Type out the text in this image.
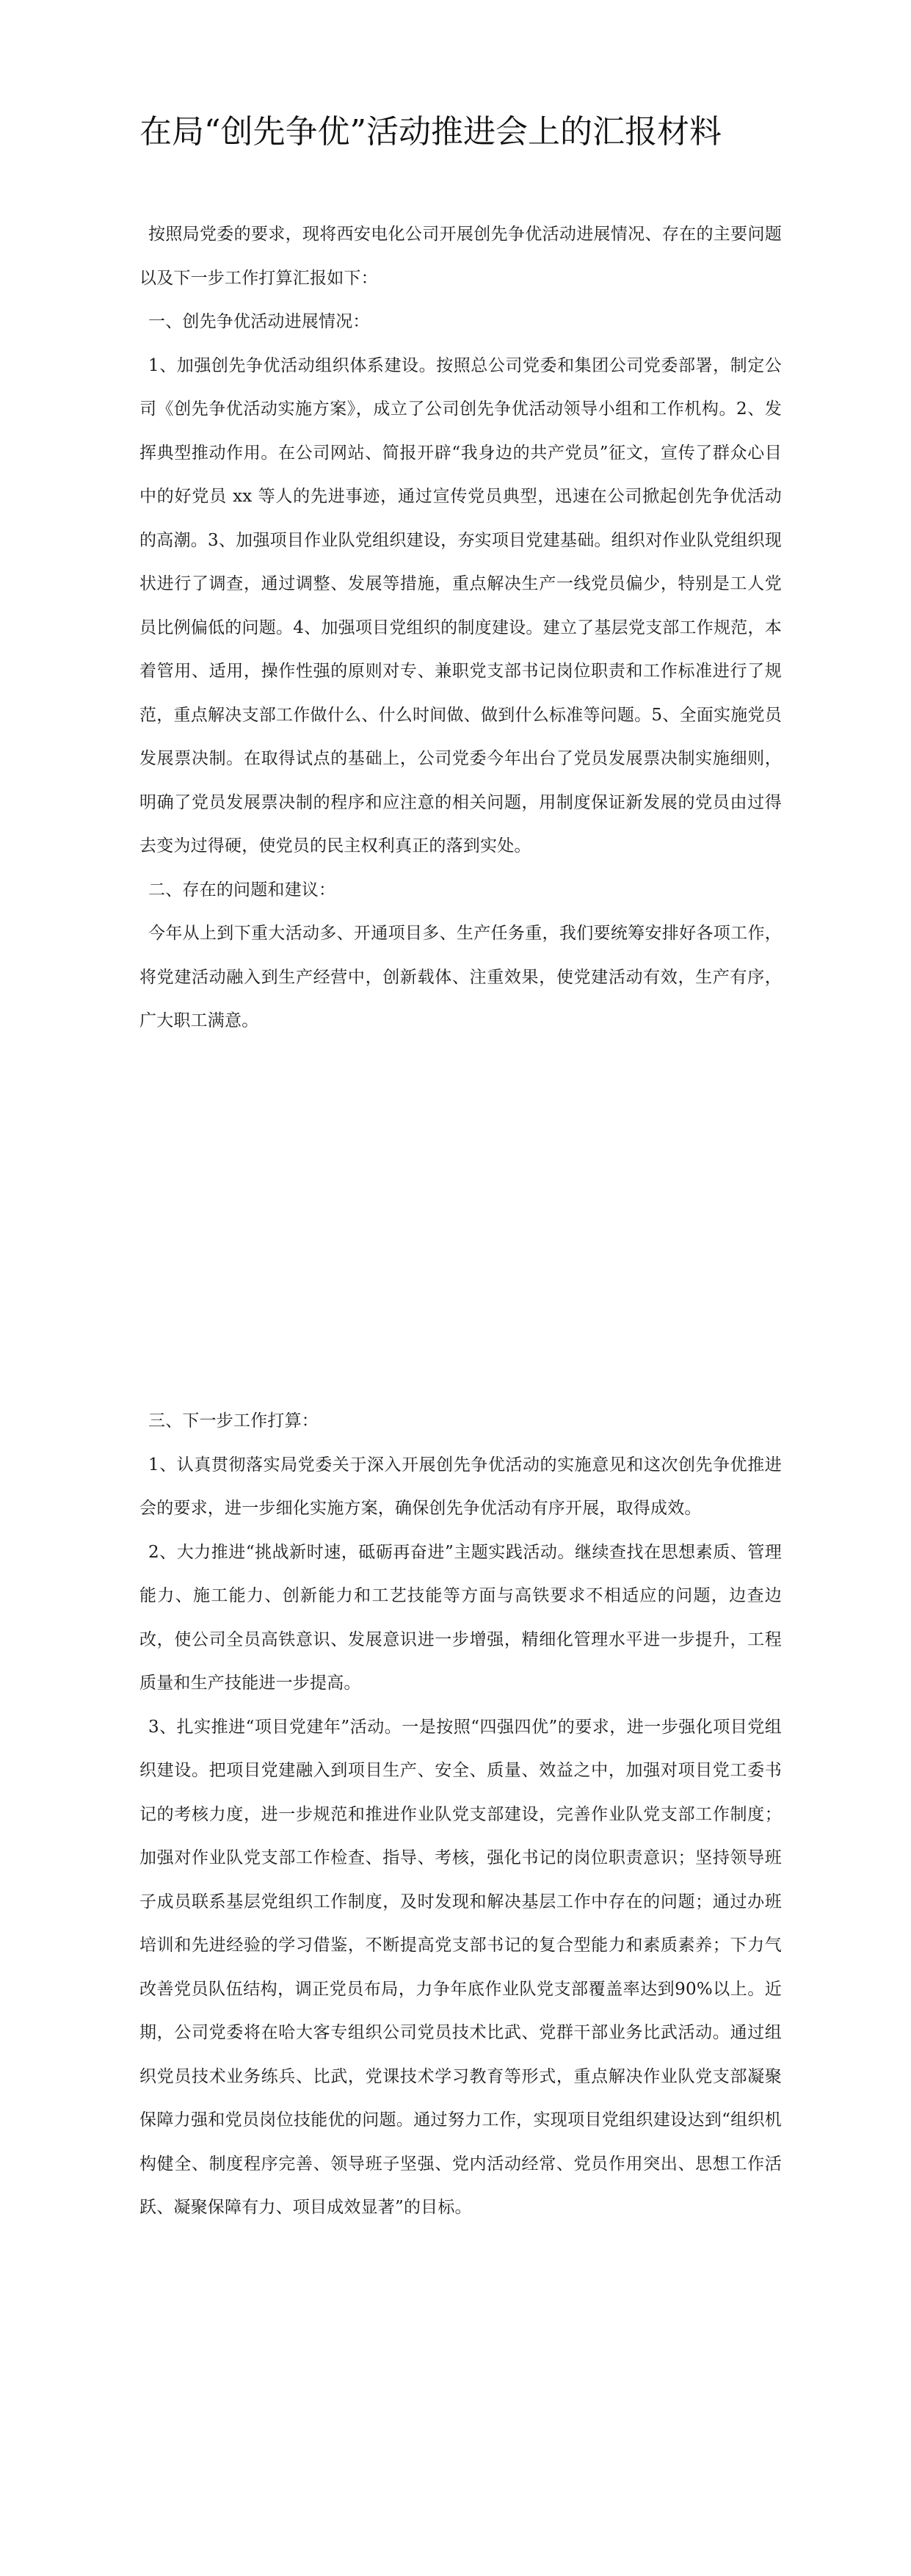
在局“创先争优”活动推进会上的汇报材料

按照局党委的要求，现将西安电化公司开展创先争优活动进展情况、存在的主要问题以及下一步工作打算汇报如下：

一、创先争优活动进展情况：

1、加强创先争优活动组织体系建设。按照总公司党委和集团公司党委部署，制定公司《创先争优活动实施方案》，成立了公司创先争优活动领导小组和工作机构。2、发挥典型推动作用。在公司网站、简报开辟“我身边的共产党员”征文，宣传了群众心目中的好党员 xx 等人的先进事迹，通过宣传党员典型，迅速在公司掀起创先争优活动的高潮。3、加强项目作业队党组织建设，夯实项目党建基础。组织对作业队党组织现状进行了调查，通过调整、发展等措施，重点解决生产一线党员偏少，特别是工人党员比例偏低的问题。4、加强项目党组织的制度建设。建立了基层党支部工作规范，本着管用、适用，操作性强的原则对专、兼职党支部书记岗位职责和工作标准进行了规范，重点解决支部工作做什么、什么时间做、做到什么标准等问题。5、全面实施党员发展票决制。在取得试点的基础上，公司党委今年出台了党员发展票决制实施细则，明确了党员发展票决制的程序和应注意的相关问题，用制度保证新发展的党员由过得去变为过得硬，使党员的民主权利真正的落到实处。

二、存在的问题和建议：

今年从上到下重大活动多、开通项目多、生产任务重，我们要统筹安排好各项工作，将党建活动融入到生产经营中，创新载体、注重效果，使党建活动有效，生产有序，广大职工满意。

三、下一步工作打算：

1、认真贯彻落实局党委关于深入开展创先争优活动的实施意见和这次创先争优推进会的要求，进一步细化实施方案，确保创先争优活动有序开展，取得成效。

2、大力推进“挑战新时速，砥砺再奋进”主题实践活动。继续查找在思想素质、管理能力、施工能力、创新能力和工艺技能等方面与高铁要求不相适应的问题，边查边改，使公司全员高铁意识、发展意识进一步增强，精细化管理水平进一步提升，工程质量和生产技能进一步提高。

3、扎实推进“项目党建年”活动。一是按照“四强四优”的要求，进一步强化项目党组织建设。把项目党建融入到项目生产、安全、质量、效益之中，加强对项目党工委书记的考核力度，进一步规范和推进作业队党支部建设，完善作业队党支部工作制度；加强对作业队党支部工作检查、指导、考核，强化书记的岗位职责意识；坚持领导班子成员联系基层党组织工作制度，及时发现和解决基层工作中存在的问题；通过办班培训和先进经验的学习借鉴，不断提高党支部书记的复合型能力和素质素养；下力气改善党员队伍结构，调正党员布局，力争年底作业队党支部覆盖率达到90%以上。近期，公司党委将在哈大客专组织公司党员技术比武、党群干部业务比武活动。通过组织党员技术业务练兵、比武，党课技术学习教育等形式，重点解决作业队党支部凝聚保障力强和党员岗位技能优的问题。通过努力工作，实现项目党组织建设达到“组织机构健全、制度程序完善、领导班子坚强、党内活动经常、党员作用突出、思想工作活跃、凝聚保障有力、项目成效显著”的目标。
